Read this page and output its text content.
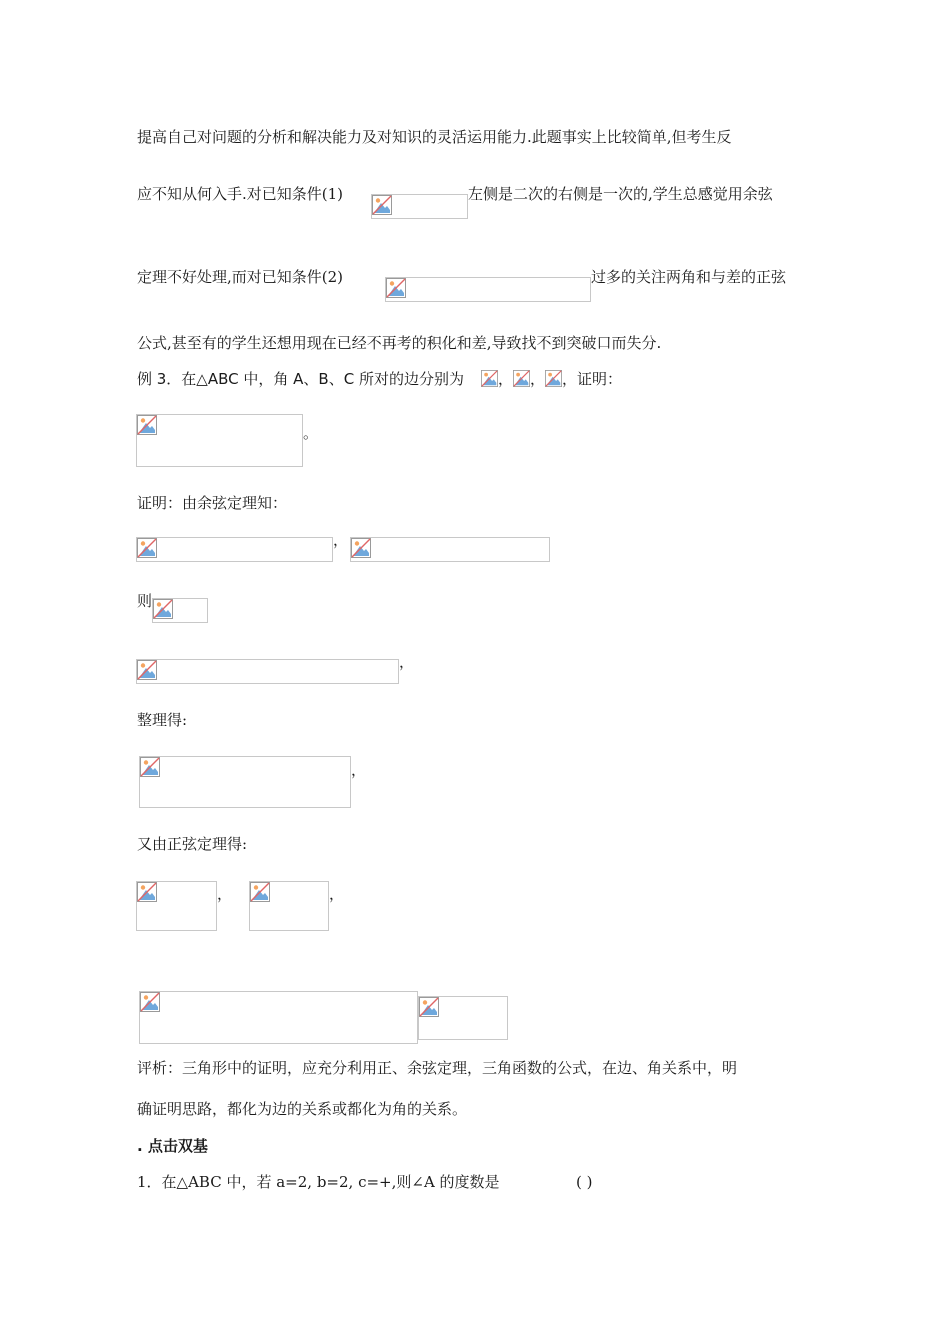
提高自己对问题的分析和解决能力及对知识的灵活运用能力.此题事实上比较简单,但考生反
应不知从何入手.对已知条件(1)	左侧是二次的右侧是一次的,学生总感觉用余弦
定理不好处理,而对已知条件(2)	过多的关注两角和与差的正弦
公式,甚至有的学生还想用现在已经不再考的积化和差,导致找不到突破口而失分.
例 3．在△ABC 中，角 A、B、C 所对的边分别为 ， ， ，证明：
。
证明：由余弦定理知：
，
则
，
整理得:
，
又由正弦定理得:
，	，
评析：三角形中的证明，应充分利用正、余弦定理，三角函数的公式，在边、角关系中，明
确证明思路，都化为边的关系或都化为角的关系。
. 点击双基
1．在△ABC 中，若 a=2, b=2, c=+,则∠A 的度数是	( )
